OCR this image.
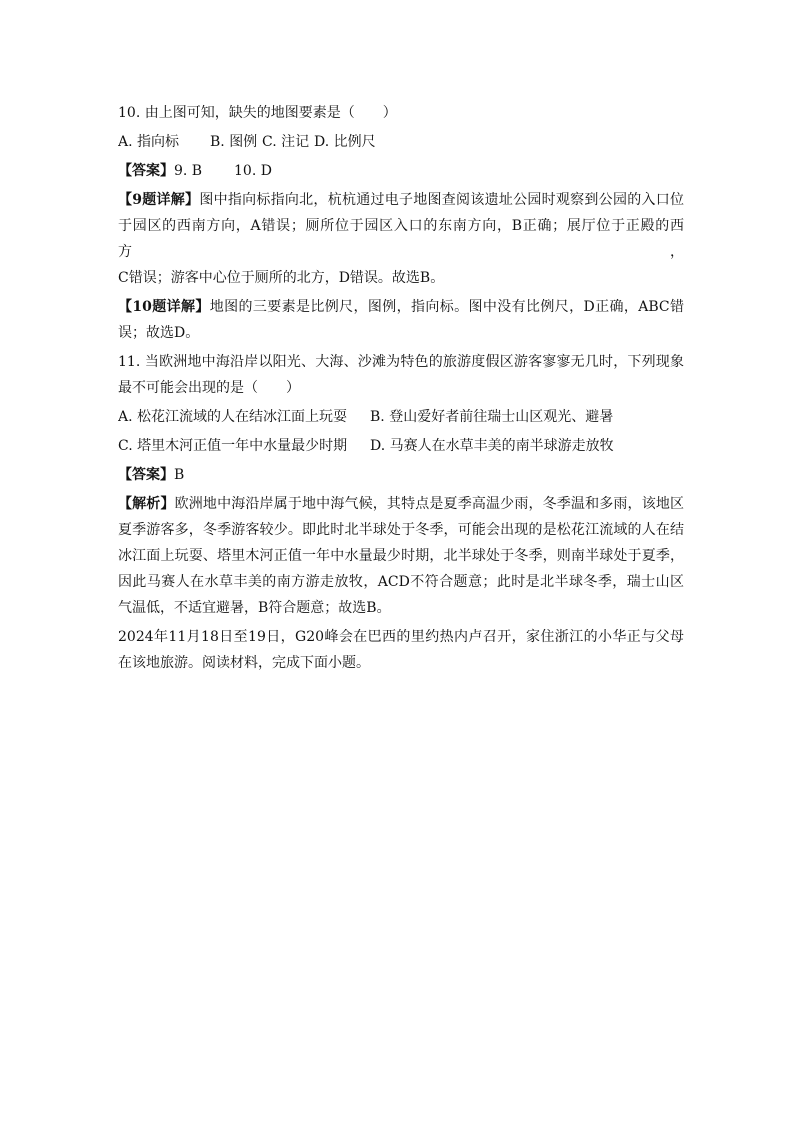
10. 由上图可知，缺失的地图要素是（　　）
A. 指向标 B. 图例 C. 注记 D. 比例尺
【答案】9. B 10. D
【9题详解】图中指向标指向北，杭杭通过电子地图查阅该遗址公园时观察到公园的入口位
于园区的西南方向，A错误；厕所位于园区入口的东南方向，B正确；展厅位于正殿的西方，
C错误；游客中心位于厕所的北方，D错误。故选B。
【10题详解】地图的三要素是比例尺，图例，指向标。图中没有比例尺，D正确，ABC错
误；故选D。
11. 当欧洲地中海沿岸以阳光、大海、沙滩为特色的旅游度假区游客寥寥无几时，下列现象
最不可能会出现的是（　　）
A. 松花江流域的人在结冰江面上玩耍 B. 登山爱好者前往瑞士山区观光、避暑
C. 塔里木河正值一年中水量最少时期 D. 马赛人在水草丰美的南半球游走放牧
【答案】B
【解析】欧洲地中海沿岸属于地中海气候，其特点是夏季高温少雨，冬季温和多雨，该地区
夏季游客多，冬季游客较少。即此时北半球处于冬季，可能会出现的是松花江流域的人在结
冰江面上玩耍、塔里木河正值一年中水量最少时期，北半球处于冬季，则南半球处于夏季，
因此马赛人在水草丰美的南方游走放牧，ACD不符合题意；此时是北半球冬季，瑞士山区
气温低，不适宜避暑，B符合题意；故选B。
2024年11月18日至19日，G20峰会在巴西的里约热内卢召开，家住浙江的小华正与父母
在该地旅游。阅读材料，完成下面小题。
